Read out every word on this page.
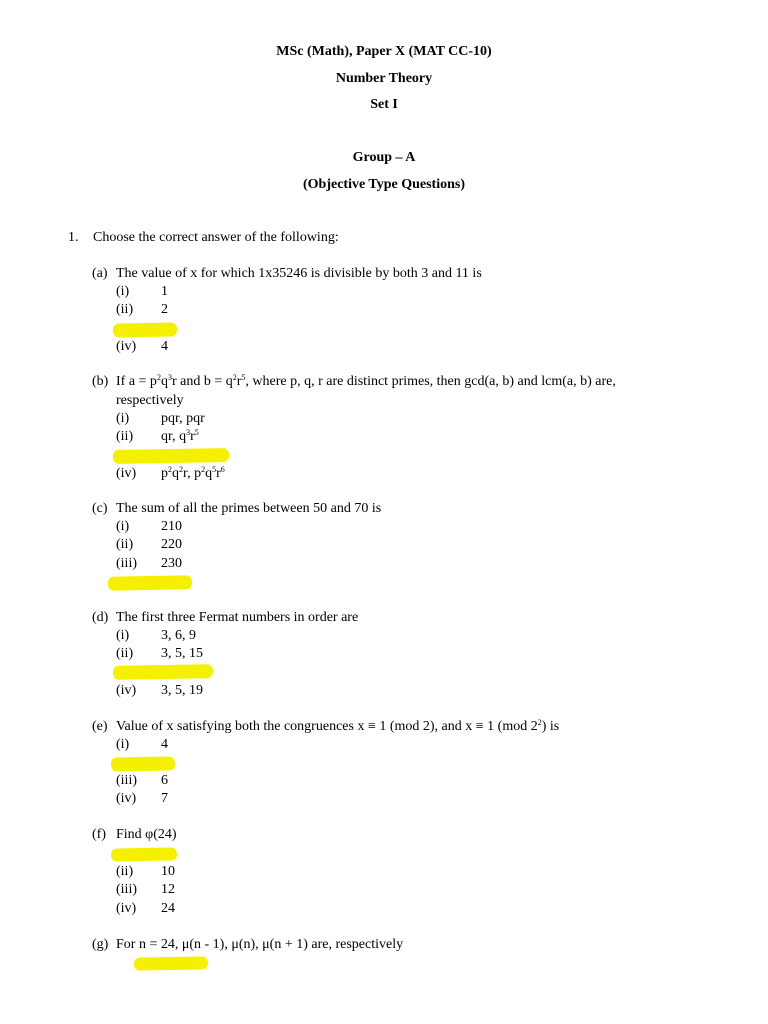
MSc (Math), Paper X (MAT CC-10)
Number Theory
Set I
Group – A
(Objective Type Questions)
1. Choose the correct answer of the following:
(a) The value of x for which 1x35246 is divisible by both 3 and 11 is
(i) 1
(ii) 2
(iv) 4
(b) If $a = p^2q^3r$ and $b = q^2r^5$, where p, q, r are distinct primes, then gcd(a, b) and lcm(a, b) are,
respectively
(i) pqr, pqr
(ii) qr, $q^3r^5$
(iv) $p^2q^2r$, $p^2q^5r^6$
(c) The sum of all the primes between 50 and 70 is
(i) 210
(ii) 220
(iii) 230
(d) The first three Fermat numbers in order are
(i) 3, 6, 9
(ii) 3, 5, 15
(iv) 3, 5, 19
(e) Value of x satisfying both the congruences x ≡ 1 (mod 2), and x ≡ 1 (mod $2^2$) is
(i) 4
(iii) 6
(iv) 7
(f) Find φ(24)
(ii) 10
(iii) 12
(iv) 24
(g) For n = 24, μ(n - 1), μ(n), μ(n + 1) are, respectively
